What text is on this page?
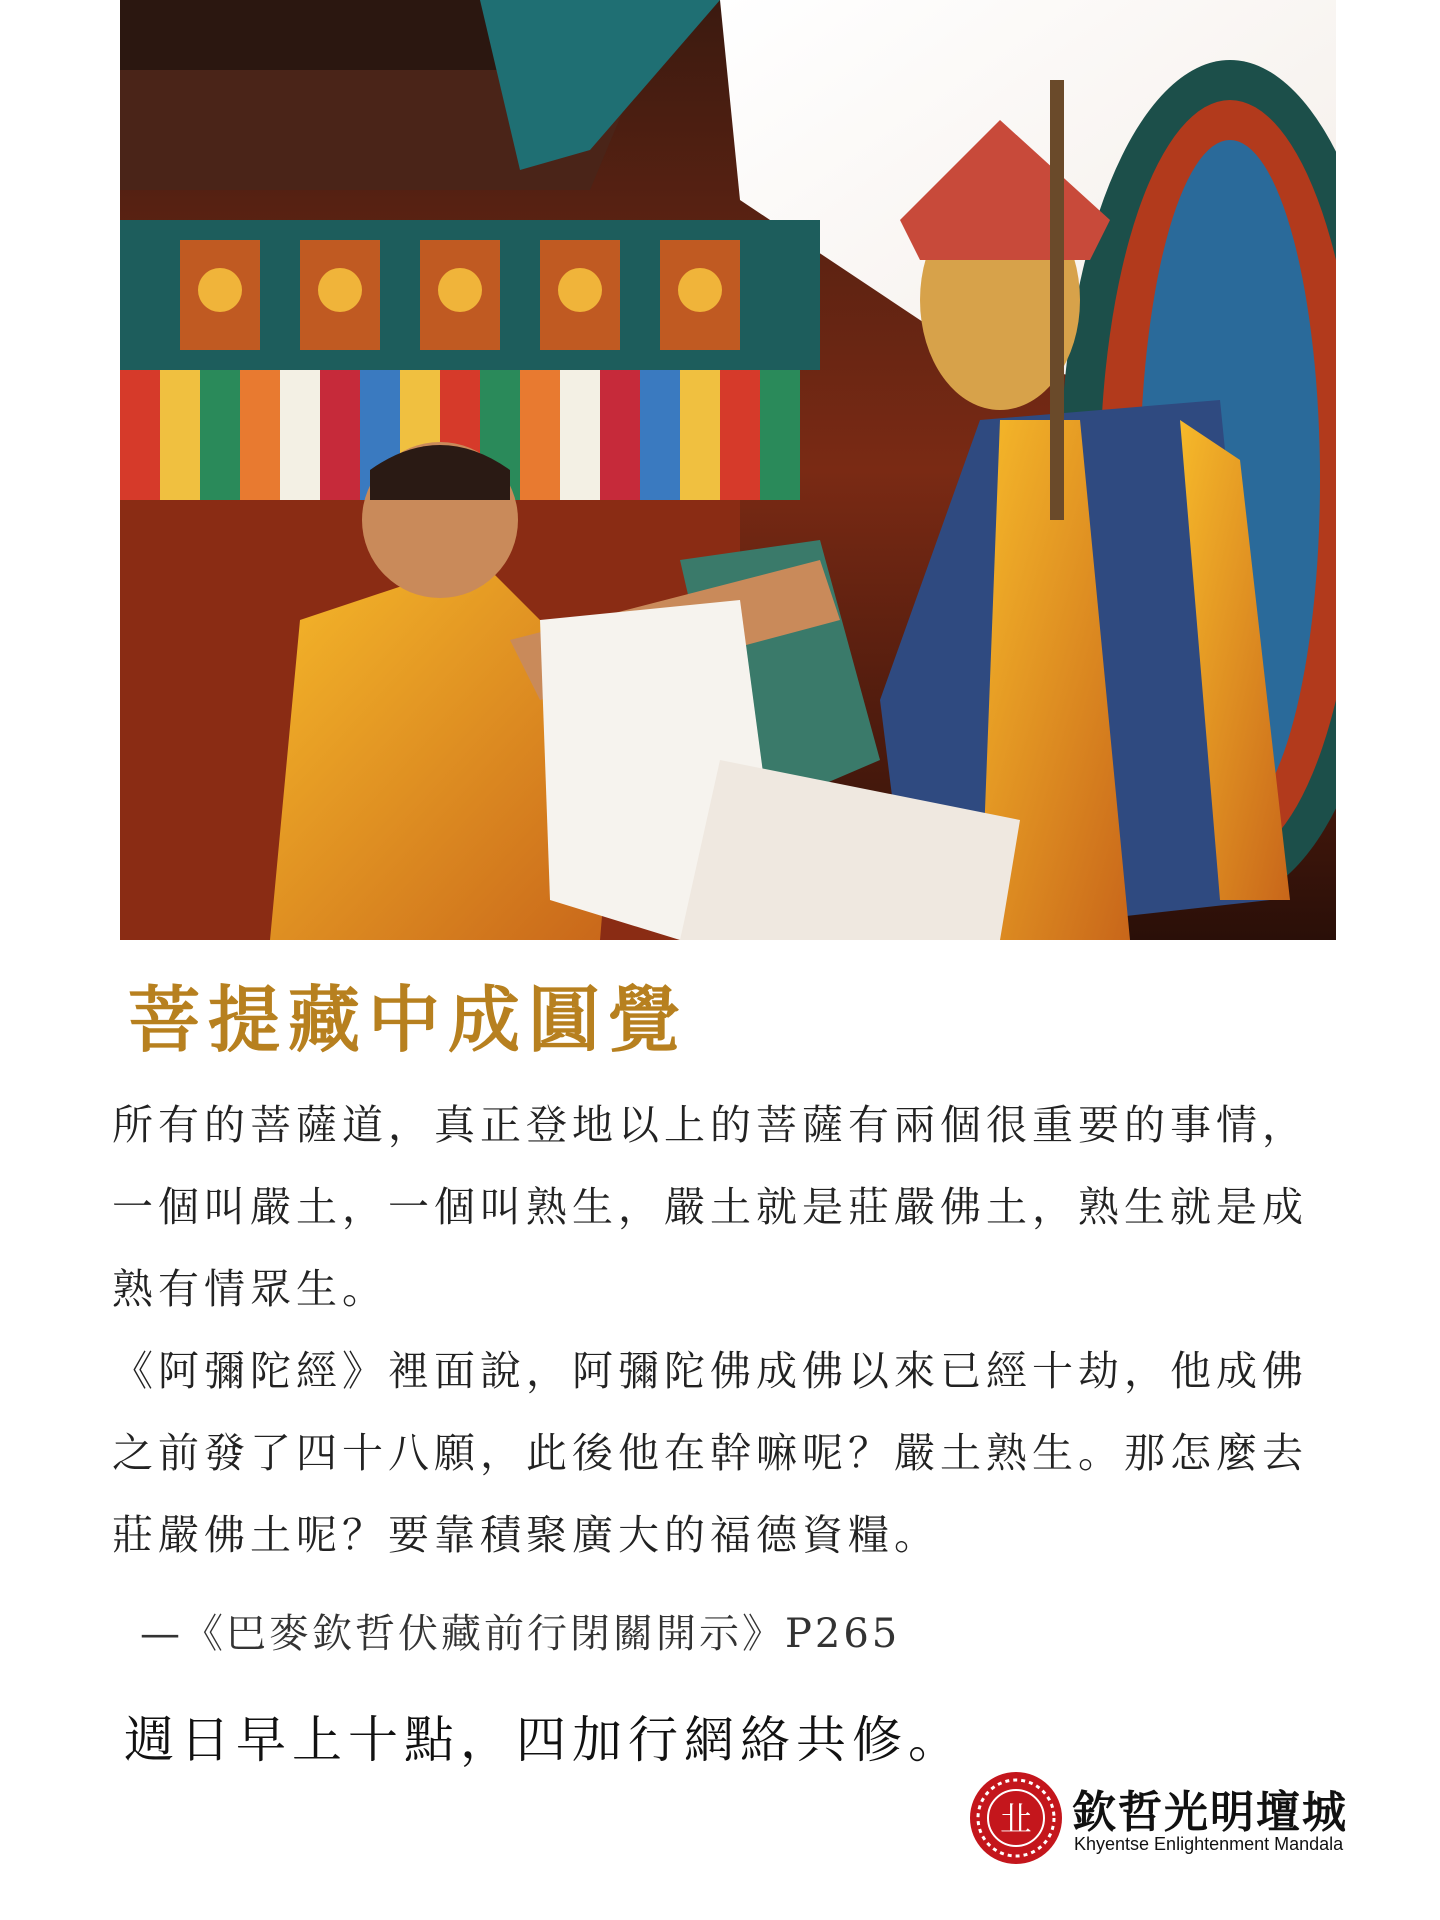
菩提藏中成圓覺

所有的菩薩道，真正登地以上的菩薩有兩個很重要的事情，一個叫嚴土，一個叫熟生，嚴土就是莊嚴佛土，熟生就是成熟有情眾生。

《阿彌陀經》裡面說，阿彌陀佛成佛以來已經十劫，他成佛之前發了四十八願，此後他在幹嘛呢？嚴土熟生。那怎麼去莊嚴佛土呢？要靠積聚廣大的福德資糧。

—《巴麥欽哲伏藏前行閉關開示》P265
週日早上十點，四加行網絡共修。
㐀 欽哲光明壇城
Khyentse Enlightenment Mandala
